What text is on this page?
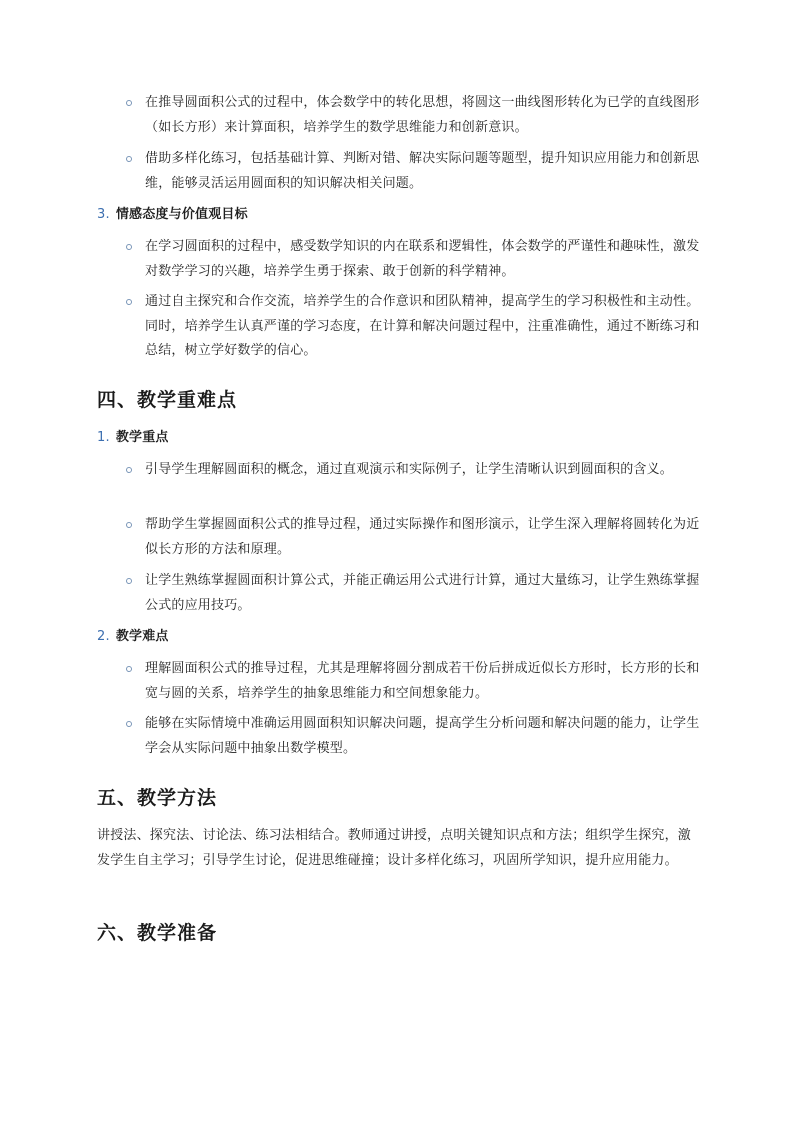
在推导圆面积公式的过程中，体会数学中的转化思想，将圆这一曲线图形转化为已学的直线图形（如长方形）来计算面积，培养学生的数学思维能力和创新意识。
借助多样化练习，包括基础计算、判断对错、解决实际问题等题型，提升知识应用能力和创新思维，能够灵活运用圆面积的知识解决相关问题。
3. 情感态度与价值观目标
在学习圆面积的过程中，感受数学知识的内在联系和逻辑性，体会数学的严谨性和趣味性，激发对数学学习的兴趣，培养学生勇于探索、敢于创新的科学精神。
通过自主探究和合作交流，培养学生的合作意识和团队精神，提高学生的学习积极性和主动性。同时，培养学生认真严谨的学习态度，在计算和解决问题过程中，注重准确性，通过不断练习和总结，树立学好数学的信心。
四、教学重难点
1. 教学重点
引导学生理解圆面积的概念，通过直观演示和实际例子，让学生清晰认识到圆面积的含义。
帮助学生掌握圆面积公式的推导过程，通过实际操作和图形演示，让学生深入理解将圆转化为近似长方形的方法和原理。
让学生熟练掌握圆面积计算公式，并能正确运用公式进行计算，通过大量练习，让学生熟练掌握公式的应用技巧。
2. 教学难点
理解圆面积公式的推导过程，尤其是理解将圆分割成若干份后拼成近似长方形时，长方形的长和宽与圆的关系，培养学生的抽象思维能力和空间想象能力。
能够在实际情境中准确运用圆面积知识解决问题，提高学生分析问题和解决问题的能力，让学生学会从实际问题中抽象出数学模型。
五、教学方法
讲授法、探究法、讨论法、练习法相结合。教师通过讲授，点明关键知识点和方法；组织学生探究，激发学生自主学习；引导学生讨论，促进思维碰撞；设计多样化练习，巩固所学知识，提升应用能力。
六、教学准备
